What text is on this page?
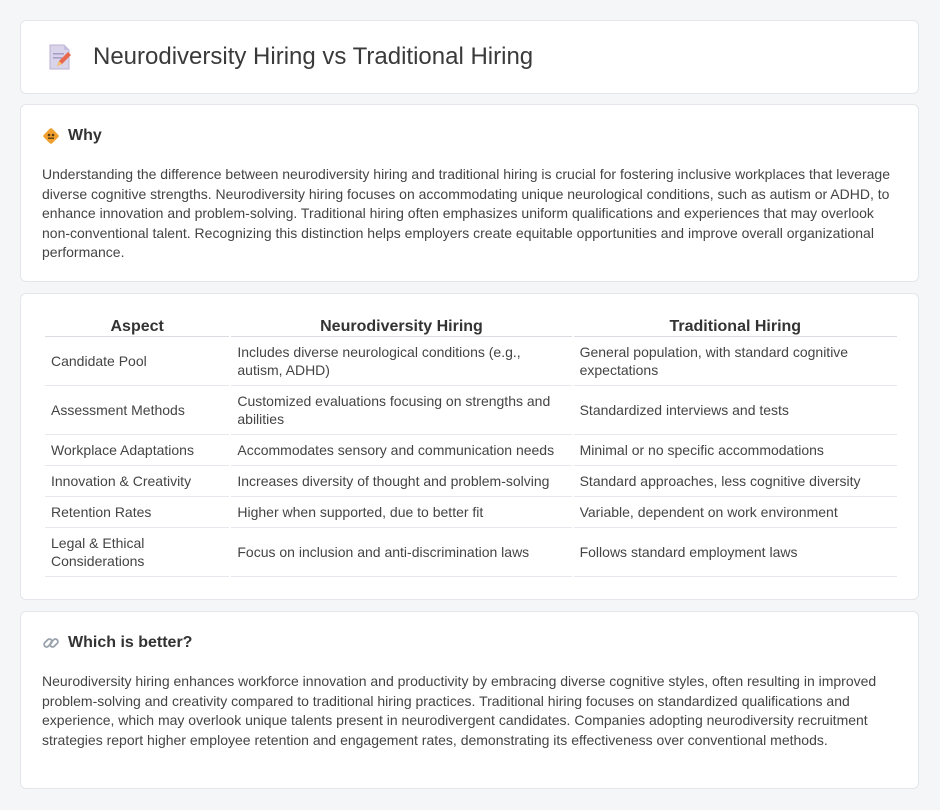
Neurodiversity Hiring vs Traditional Hiring
Why

Understanding the difference between neurodiversity hiring and traditional hiring is crucial for fostering inclusive workplaces that leverage diverse cognitive strengths. Neurodiversity hiring focuses on accommodating unique neurological conditions, such as autism or ADHD, to enhance innovation and problem-solving. Traditional hiring often emphasizes uniform qualifications and experiences that may overlook non-conventional talent. Recognizing this distinction helps employers create equitable opportunities and improve overall organizational performance.

Aspect	Neurodiversity Hiring	Traditional Hiring
Candidate Pool	Includes diverse neurological conditions (e.g., autism, ADHD)	General population, with standard cognitive expectations
Assessment Methods	Customized evaluations focusing on strengths and abilities	Standardized interviews and tests
Workplace Adaptations	Accommodates sensory and communication needs	Minimal or no specific accommodations
Innovation & Creativity	Increases diversity of thought and problem-solving	Standard approaches, less cognitive diversity
Retention Rates	Higher when supported, due to better fit	Variable, dependent on work environment
Legal & Ethical Considerations	Focus on inclusion and anti-discrimination laws	Follows standard employment laws
Which is better?

Neurodiversity hiring enhances workforce innovation and productivity by embracing diverse cognitive styles, often resulting in improved problem-solving and creativity compared to traditional hiring practices. Traditional hiring focuses on standardized qualifications and experience, which may overlook unique talents present in neurodivergent candidates. Companies adopting neurodiversity recruitment strategies report higher employee retention and engagement rates, demonstrating its effectiveness over conventional methods.
